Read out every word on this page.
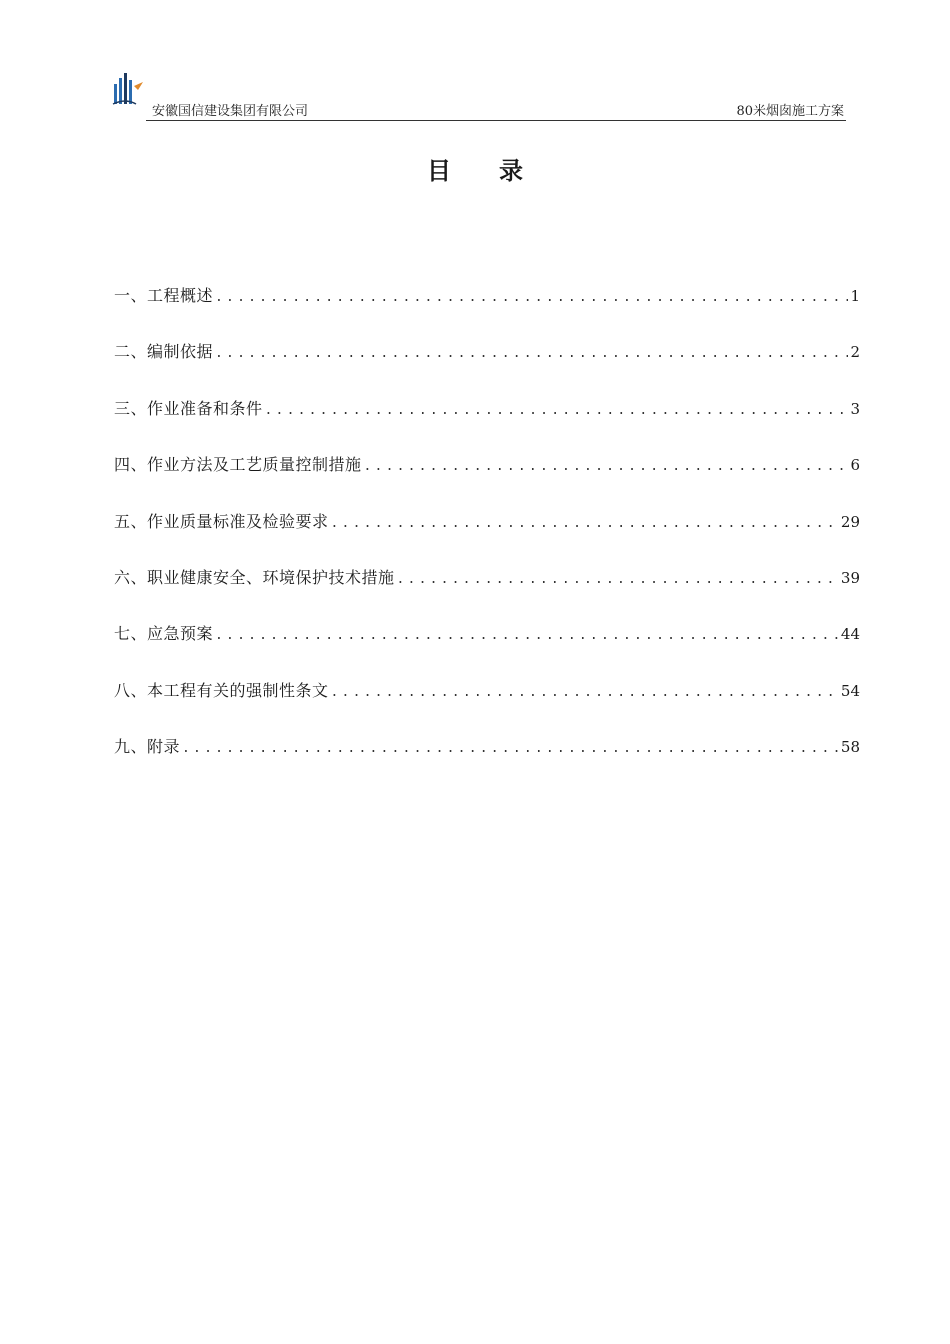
安徽国信建设集团有限公司	80米烟囱施工方案
目录
一、工程概述 .....	1
二、编制依据 .....	2
三、作业准备和条件 .....	3
四、作业方法及工艺质量控制措施 .....	6
五、作业质量标准及检验要求 .....	29
六、职业健康安全、环境保护技术措施 .....	39
七、应急预案 .....	44
八、本工程有关的强制性条文 .....	54
九、附录 .....	58
